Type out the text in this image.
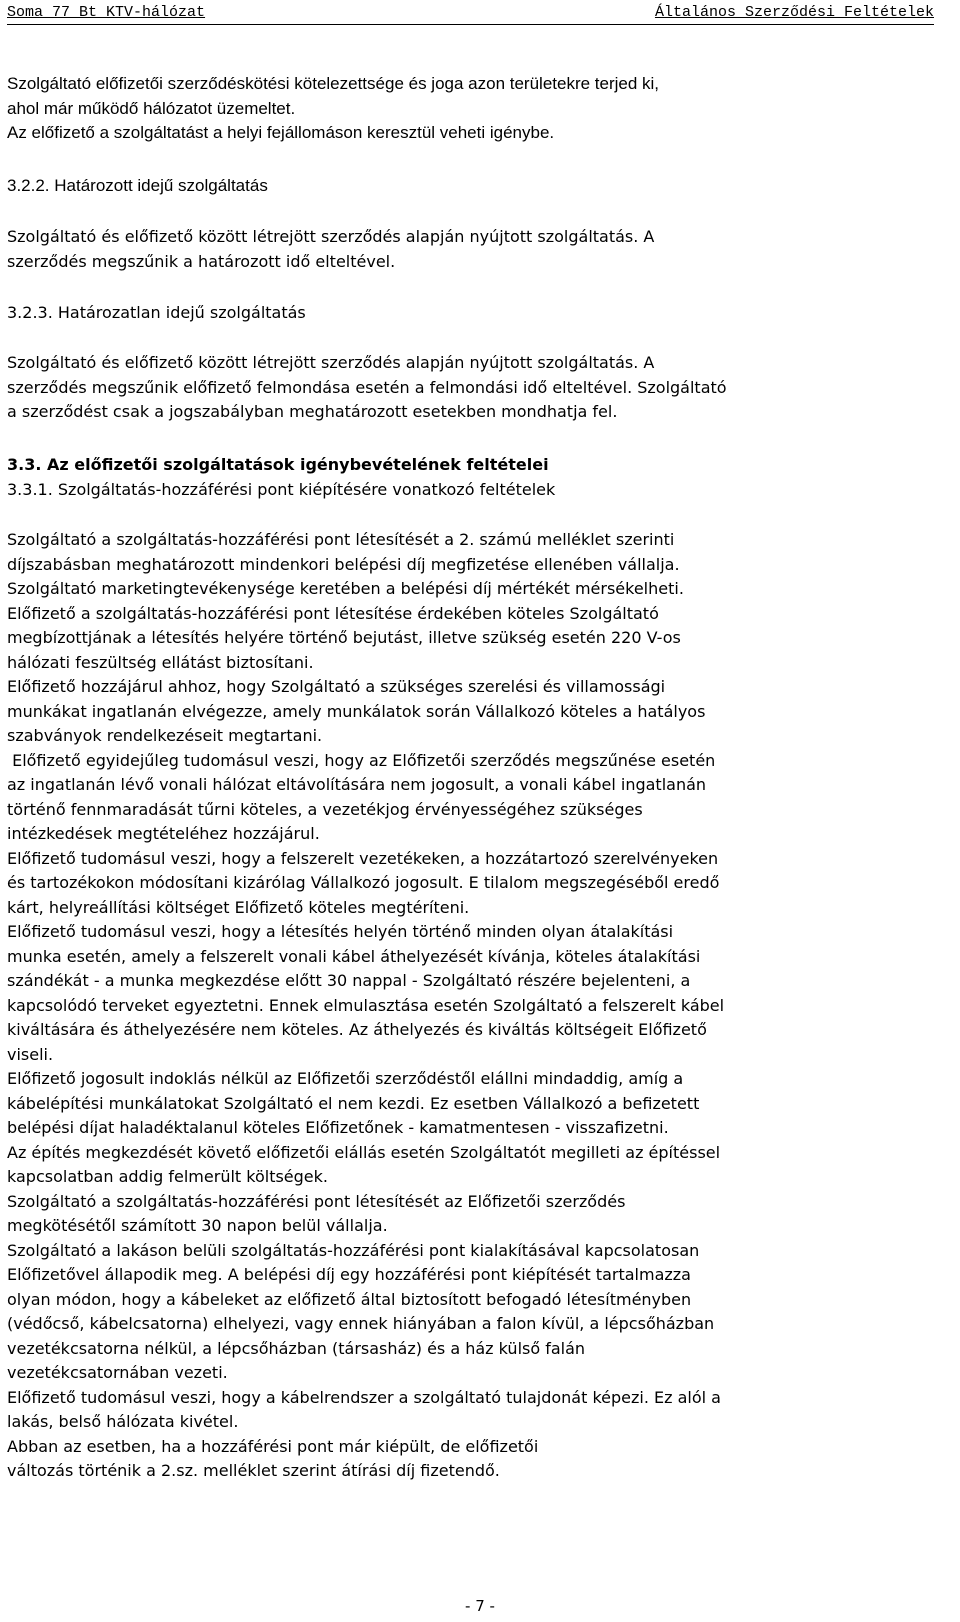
Soma 77 Bt KTV-hálózat	Általános Szerződési Feltételek

Szolgáltató előfizetői szerződéskötési kötelezettsége és joga azon területekre terjed ki,
ahol már működő hálózatot üzemeltet.
Az előfizető a szolgáltatást a helyi fejállomáson keresztül veheti igénybe.

3.2.2. Határozott idejű szolgáltatás

Szolgáltató és előfizető között létrejött szerződés alapján nyújtott szolgáltatás. A
szerződés megszűnik a határozott idő elteltével.

3.2.3. Határozatlan idejű szolgáltatás

Szolgáltató és előfizető között létrejött szerződés alapján nyújtott szolgáltatás. A
szerződés megszűnik előfizető felmondása esetén a felmondási idő elteltével. Szolgáltató
a szerződést csak a jogszabályban meghatározott esetekben mondhatja fel.

3.3. Az előfizetői szolgáltatások igénybevételének feltételei

3.3.1. Szolgáltatás-hozzáférési pont kiépítésére vonatkozó feltételek

Szolgáltató a szolgáltatás-hozzáférési pont létesítését a 2. számú melléklet szerinti
díjszabásban meghatározott mindenkori belépési díj megfizetése ellenében vállalja.
Szolgáltató marketingtevékenysége keretében a belépési díj mértékét mérsékelheti.
Előfizető a szolgáltatás-hozzáférési pont létesítése érdekében köteles Szolgáltató
megbízottjának a létesítés helyére történő bejutást, illetve szükség esetén 220 V-os
hálózati feszültség ellátást biztosítani.
Előfizető hozzájárul ahhoz, hogy Szolgáltató a szükséges szerelési és villamossági
munkákat ingatlanán elvégezze, amely munkálatok során Vállalkozó köteles a hatályos
szabványok rendelkezéseit megtartani.
Előfizető egyidejűleg tudomásul veszi, hogy az Előfizetői szerződés megszűnése esetén
az ingatlanán lévő vonali hálózat eltávolítására nem jogosult, a vonali kábel ingatlanán
történő fennmaradását tűrni köteles, a vezetékjog érvényességéhez szükséges
intézkedések megtételéhez hozzájárul.
Előfizető tudomásul veszi, hogy a felszerelt vezetékeken, a hozzátartozó szerelvényeken
és tartozékokon módosítani kizárólag Vállalkozó jogosult. E tilalom megszegéséből eredő
kárt, helyreállítási költséget Előfizető köteles megtéríteni.
Előfizető tudomásul veszi, hogy a létesítés helyén történő minden olyan átalakítási
munka esetén, amely a felszerelt vonali kábel áthelyezését kívánja, köteles átalakítási
szándékát - a munka megkezdése előtt 30 nappal - Szolgáltató részére bejelenteni, a
kapcsolódó terveket egyeztetni. Ennek elmulasztása esetén Szolgáltató a felszerelt kábel
kiváltására és áthelyezésére nem köteles. Az áthelyezés és kiváltás költségeit Előfizető
viseli.
Előfizető jogosult indoklás nélkül az Előfizetői szerződéstől elállni mindaddig, amíg a
kábelépítési munkálatokat Szolgáltató el nem kezdi. Ez esetben Vállalkozó a befizetett
belépési díjat haladéktalanul köteles Előfizetőnek - kamatmentesen - visszafizetni.
Az építés megkezdését követő előfizetői elállás esetén Szolgáltatót megilleti az építéssel
kapcsolatban addig felmerült költségek.
Szolgáltató a szolgáltatás-hozzáférési pont létesítését az Előfizetői szerződés
megkötésétől számított 30 napon belül vállalja.
Szolgáltató a lakáson belüli szolgáltatás-hozzáférési pont kialakításával kapcsolatosan
Előfizetővel állapodik meg. A belépési díj egy hozzáférési pont kiépítését tartalmazza
olyan módon, hogy a kábeleket az előfizető által biztosított befogadó létesítményben
(védőcső, kábelcsatorna) elhelyezi, vagy ennek hiányában a falon kívül, a lépcsőházban
vezetékcsatorna nélkül, a lépcsőházban (társasház) és a ház külső falán
vezetékcsatornában vezeti.
Előfizető tudomásul veszi, hogy a kábelrendszer a szolgáltató tulajdonát képezi. Ez alól a
lakás, belső hálózata kivétel.
Abban az esetben, ha a hozzáférési pont már kiépült, de előfizetői
változás történik a 2.sz. melléklet szerint átírási díj fizetendő.

- 7 -
